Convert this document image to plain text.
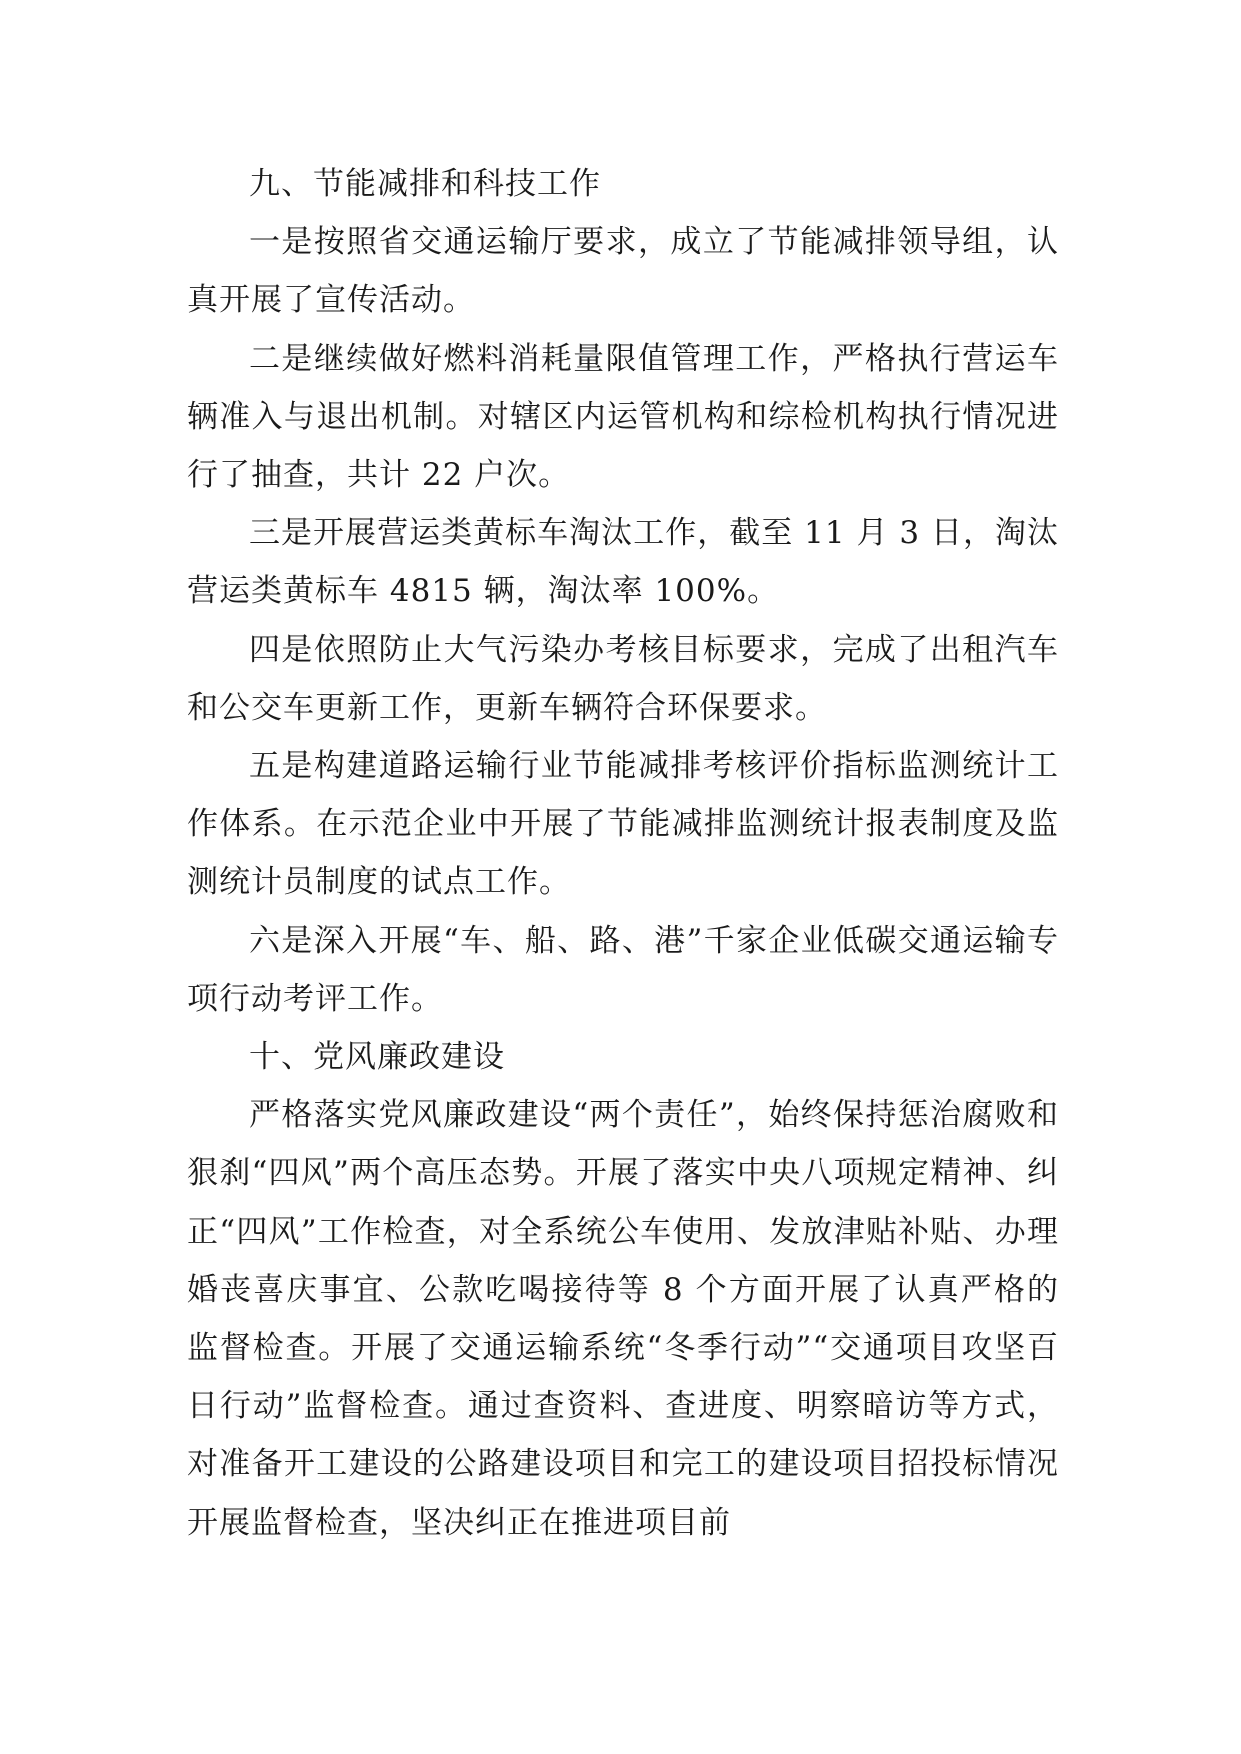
九、节能减排和科技工作

一是按照省交通运输厅要求，成立了节能减排领导组，认真开展了宣传活动。

二是继续做好燃料消耗量限值管理工作，严格执行营运车辆准入与退出机制。对辖区内运管机构和综检机构执行情况进行了抽查，共计 22 户次。

三是开展营运类黄标车淘汰工作，截至 11 月 3 日，淘汰营运类黄标车 4815 辆，淘汰率 100%。

四是依照防止大气污染办考核目标要求，完成了出租汽车和公交车更新工作，更新车辆符合环保要求。

五是构建道路运输行业节能减排考核评价指标监测统计工作体系。在示范企业中开展了节能减排监测统计报表制度及监测统计员制度的试点工作。

六是深入开展“车、船、路、港”千家企业低碳交通运输专项行动考评工作。

十、党风廉政建设

严格落实党风廉政建设“两个责任”，始终保持惩治腐败和狠刹“四风”两个高压态势。开展了落实中央八项规定精神、纠正“四风”工作检查，对全系统公车使用、发放津贴补贴、办理婚丧喜庆事宜、公款吃喝接待等 8 个方面开展了认真严格的监督检查。开展了交通运输系统“冬季行动”“交通项目攻坚百日行动”监督检查。通过查资料、查进度、明察暗访等方式，对准备开工建设的公路建设项目和完工的建设项目招投标情况开展监督检查，坚决纠正在推进项目前
